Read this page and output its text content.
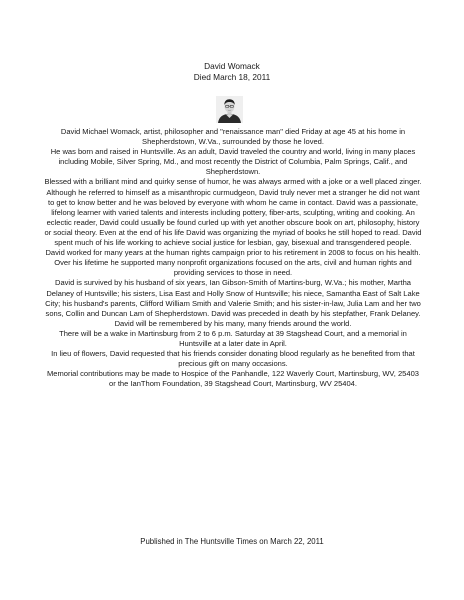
David Womack
Died March 18, 2011

David Michael Womack, artist, philosopher and "renaissance man" died Friday at age 45 at his home in Shepherdstown, W.Va., surrounded by those he loved.

He was born and raised in Huntsville. As an adult, David traveled the country and world, living in many places including Mobile, Silver Spring, Md., and most recently the District of Columbia, Palm Springs, Calif., and Shepherdstown.

Blessed with a brilliant mind and quirky sense of humor, he was always armed with a joke or a well placed zinger. Although he referred to himself as a misanthropic curmudgeon, David truly never met a stranger he did not want to get to know better and he was beloved by everyone with whom he came in contact. David was a passionate, lifelong learner with varied talents and interests including pottery, fiber-arts, sculpting, writing and cooking. An eclectic reader, David could usually be found curled up with yet another obscure book on art, philosophy, history or social theory. Even at the end of his life David was organizing the myriad of books he still hoped to read. David spent much of his life working to achieve social justice for lesbian, gay, bisexual and transgendered people. David worked for many years at the human rights campaign prior to his retirement in 2008 to focus on his health. Over his lifetime he supported many nonprofit organizations focused on the arts, civil and human rights and providing services to those in need.

David is survived by his husband of six years, Ian Gibson-Smith of Martins-burg, W.Va.; his mother, Martha Delaney of Huntsville; his sisters, Lisa East and Holly Snow of Huntsville; his niece, Samantha East of Salt Lake City; his husband's parents, Clifford William Smith and Valerie Smith; and his sister-in-law, Julia Lam and her two sons, Collin and Duncan Lam of Shepherdstown. David was preceded in death by his stepfather, Frank Delaney. David will be remembered by his many, many friends around the world.

There will be a wake in Martinsburg from 2 to 6 p.m. Saturday at 39 Stagshead Court, and a memorial in Huntsville at a later date in April.

In lieu of flowers, David requested that his friends consider donating blood regularly as he benefited from that precious gift on many occasions.

Memorial contributions may be made to Hospice of the Panhandle, 122 Waverly Court, Martinsburg, WV, 25403 or the IanThom Foundation, 39 Stagshead Court, Martinsburg, WV 25404.

Published in The Huntsville Times on March 22, 2011
